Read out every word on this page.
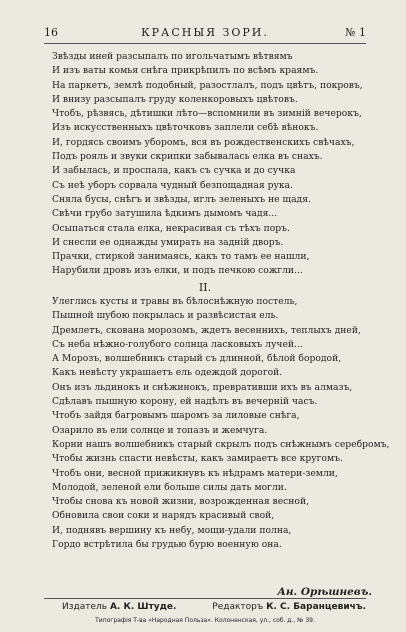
16	КРАСНЫЯ ЗОРИ.	№ 1
Звѣзды иней разсыпалъ по игольчатымъ вѣтвямъ
И изъ ваты комья снѣга прикрѣпилъ по всѣмъ краямъ.
На паркетъ, землѣ подобный, разостлалъ, подъ цвѣтъ, покровъ,
И внизу разсыпалъ груду коленкоровыхъ цвѣтовъ.
Чтобъ, рѣзвясь, дѣтишки лѣто—вспомнили въ зимній вечерокъ,
Изъ искусственныхъ цвѣточковъ заплели себѣ вѣнокъ.
И, гордясь своимъ уборомъ, вся въ рождественскихъ свѣчахъ,
Подъ рояль и звуки скрипки забывалась елка въ снахъ.
И забылась, и проспала, какъ съ сучка и до сучка
Съ неѣ уборъ сорвала чудный безпощадная рука.
Сняла бусы, снѣгъ и звѣзды, иглъ зеленыхъ не щадя.
Свѣчи грубо затушила ѣдкимъ дымомъ чадя...
Осыпаться стала елка, некрасивая съ тѣхъ поръ.
И снесли ее однажды умирать на задній дворъ.
Прачки, стиркой занимаясь, какъ то тамъ ее нашли,
Нарубили дровъ изъ елки, и подъ печкою сожгли...
II.
Улеглись кусты и травы въ бѣлоснѣжную постель,
Пышной шубою покрылась и развѣсистая ель.
Дремлетъ, скована морозомъ, ждетъ весеннихъ, теплыхъ дней,
Съ неба нѣжно-голубого солнца ласковыхъ лучей...
А Морозъ, волшебникъ старый съ длинной, бѣлой бородой,
Какъ невѣсту украшаетъ ель одеждой дорогой.
Онъ изъ льдинокъ и снѣжинокъ, превративши ихъ въ алмазъ,
Сдѣлавъ пышную корону, ей надѣлъ въ вечерній часъ.
Чтобъ зайдя багровымъ шаромъ за лиловые снѣга,
Озарило въ ели солнце и топазъ и жемчуга.
Корни нашъ волшебникъ старый скрылъ подъ снѣжнымъ серебромъ,
Чтобы жизнь спасти невѣсты, какъ замираетъ все кругомъ.
Чтобъ они, весной прижикнувъ къ нѣдрамъ матери-земли,
Молодой, зеленой ели больше силы дать могли.
Чтобы снова къ новой жизни, возрожденная весной,
Обновила свои соки и нарядъ красивый свой,
И, поднявъ вершину къ небу, мощи-удали полна,
Гордо встрѣтила бы грудью бурю военную она.
Ан. Орѣшневъ.
Издатель А. К. Штуде.	Редакторъ К. С. Баранцевичъ.
Типографія Т-ва «Народная Польза». Колоненская, ул., соб. д., № 39.
